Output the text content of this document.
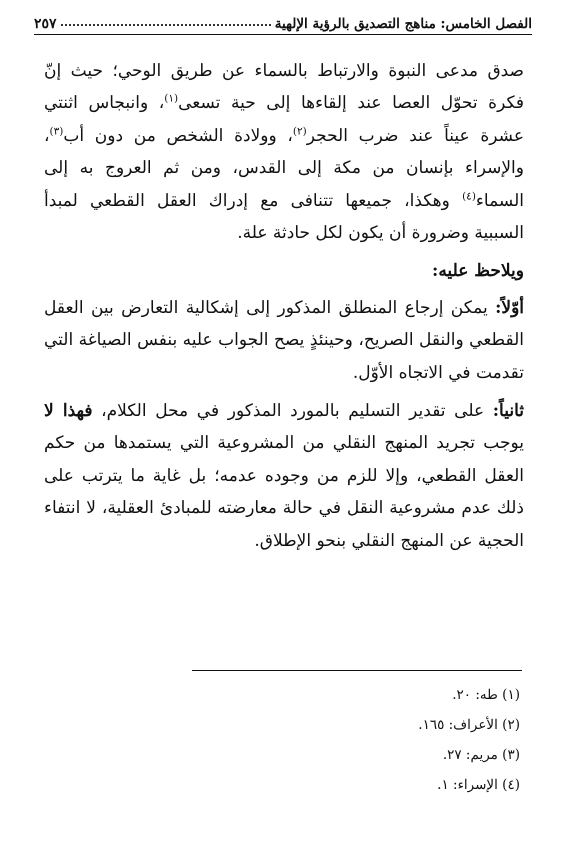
الفصل الخامس: مناهج التصديق بالرؤية الإلهية
٢٥٧

صدق مدعى النبوة والارتباط بالسماء عن طريق الوحي؛ حيث إنّ فكرة تحوّل العصا عند إلقاءها إلى حية تسعى$^{(١)}$، وانبجاس اثنتي عشرة عيناً عند ضرب الحجر$^{(٢)}$، وولادة الشخص من دون أب$^{(٣)}$، والإسراء بإنسان من مكة إلى القدس، ومن ثم العروج به إلى السماء$^{(٤)}$ وهكذا، جميعها تتنافى مع إدراك العقل القطعي لمبدأ السببية وضرورة أن يكون لكل حادثة علة.

ويلاحظ عليه:

أوّلاً: يمكن إرجاع المنطلق المذكور إلى إشكالية التعارض بين العقل القطعي والنقل الصريح، وحينئذٍ يصح الجواب عليه بنفس الصياغة التي تقدمت في الاتجاه الأوّل.

ثانياً: على تقدير التسليم بالمورد المذكور في محل الكلام، فهذا لا يوجب تجريد المنهج النقلي من المشروعية التي يستمدها من حكم العقل القطعي، وإلا للزم من وجوده عدمه؛ بل غاية ما يترتب على ذلك عدم مشروعية النقل في حالة معارضته للمبادئ العقلية، لا انتفاء الحجية عن المنهج النقلي بنحو الإطلاق.

(١) طه: ٢٠.
(٢) الأعراف: ١٦٥.
(٣) مريم: ٢٧.
(٤) الإسراء: ١.
